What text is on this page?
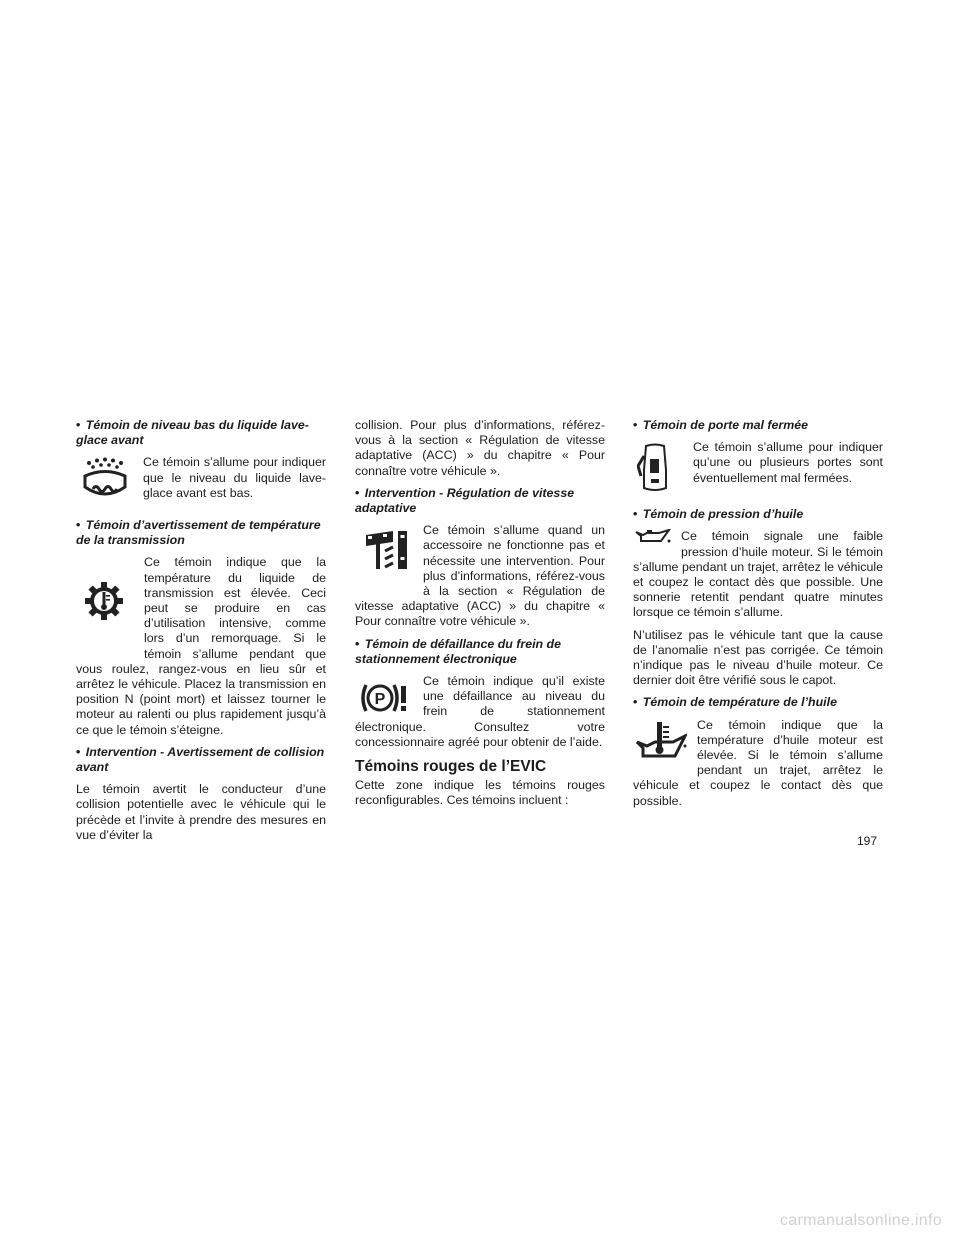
• Témoin de niveau bas du liquide lave-glace avant

Ce témoin s’allume pour indiquer que le niveau du liquide lave-glace avant est bas.

• Témoin d’avertissement de température de la transmission

Ce témoin indique que la température du liquide de transmission est élevée. Ceci peut se produire en cas d’utilisation intensive, comme lors d’un remorquage. Si le témoin s’allume pendant que vous roulez, rangez-vous en lieu sûr et arrêtez le véhicule. Placez la transmission en position N (point mort) et laissez tourner le moteur au ralenti ou plus rapidement jusqu’à ce que le témoin s’éteigne.

• Intervention - Avertissement de collision avant

Le témoin avertit le conducteur d’une collision potentielle avec le véhicule qui le précède et l’invite à prendre des mesures en vue d’éviter la

collision. Pour plus d’informations, référez-vous à la section « Régulation de vitesse adaptative (ACC) » du chapitre « Pour connaître votre véhicule ».

• Intervention - Régulation de vitesse adaptative

Ce témoin s’allume quand un accessoire ne fonctionne pas et nécessite une intervention. Pour plus d’informations, référez-vous à la section « Régulation de vitesse adaptative (ACC) » du chapitre « Pour connaître votre véhicule ».

• Témoin de défaillance du frein de stationnement électronique

P

Ce témoin indique qu’il existe une défaillance au niveau du frein de stationnement électronique. Consultez votre concessionnaire agréé pour obtenir de l’aide.

Témoins rouges de l’EVIC

Cette zone indique les témoins rouges reconfigurables. Ces témoins incluent :

• Témoin de porte mal fermée

Ce témoin s’allume pour indiquer qu’une ou plusieurs portes sont éventuellement mal fermées.

• Témoin de pression d’huile

Ce témoin signale une faible pression d’huile moteur. Si le témoin s’allume pendant un trajet, arrêtez le véhicule et coupez le contact dès que possible. Une sonnerie retentit pendant quatre minutes lorsque ce témoin s’allume.

N’utilisez pas le véhicule tant que la cause de l’anomalie n’est pas corrigée. Ce témoin n’indique pas le niveau d’huile moteur. Ce dernier doit être vérifié sous le capot.

• Témoin de température de l’huile

Ce témoin indique que la température d’huile moteur est élevée. Si le témoin s’allume pendant un trajet, arrêtez le véhicule et coupez le contact dès que possible.

197
carmanualsonline.info
